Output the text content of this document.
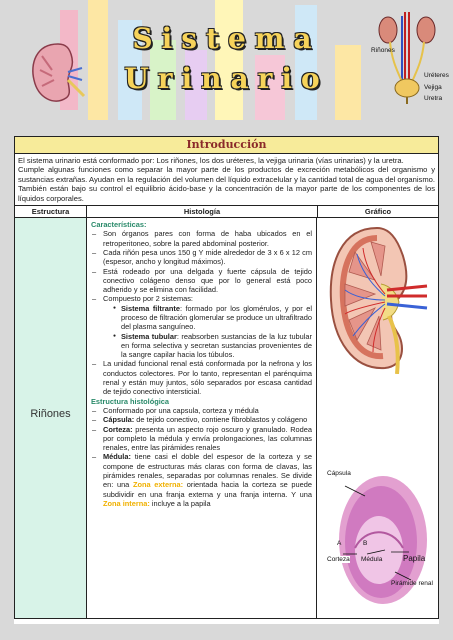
Riñones
Uréteres
Vejiga
Uretra
Sistema
Urinario
Introducción
El sistema urinario está conformado por: Los riñones, los dos uréteres, la vejiga urinaria (vías urinarias) y la uretra.
Cumple algunas funciones como separar la mayor parte de los productos de excreción metabólicos del organismo y sustancias extrañas. Ayudan en la regulación del volumen del líquido extracelular y la cantidad total de agua del organismo. También están bajo su control el equilibrio ácido-base y la concentración de la mayor parte de los componentes de los líquidos corporales.
Estructura	Histología	Gráfico
Riñones
Características:
– Son órganos pares con forma de haba ubicados en el retroperitoneo, sobre la pared abdominal posterior.
– Cada riñón pesa unos 150 g Y mide alrededor de 3 x 6 x 12 cm (espesor, ancho y longitud máximos).
– Está rodeado por una delgada y fuerte cápsula de tejido conectivo colágeno denso que por lo general está poco adherido y se elimina con facilidad.
– Compuesto por 2 sistemas:
● Sistema filtrante: formado por los glomérulos, y por el proceso de filtración glomerular se produce un ultrafiltrado del plasma sanguíneo.
● Sistema tubular: reabsorben sustancias de la luz tubular en forma selectiva y secretan sustancias provenientes de la sangre capilar hacia los túbulos.
– La unidad funcional renal está conformada por la nefrona y los conductos colectores. Por lo tanto, representan el parénquima renal y están muy juntos, sólo separados por escasa cantidad de tejido conectivo intersticial.
Estructura histológica
– Conformado por una capsula, corteza y médula
– Cápsula: de tejido conectivo, contiene fibroblastos y colágeno
– Corteza: presenta un aspecto rojo oscuro y granulado. Rodea por completo la médula y envía prolongaciones, las columnas renales, entre las pirámides renales
– Médula: tiene casi el doble del espesor de la corteza y se compone de estructuras más claras con forma de clavas, las pirámides renales, separadas por columnas renales. Se divide en: una Zona externa: orientada hacia la corteza se puede subdividir en una franja externa y una franja interna. Y una Zona interna: incluye a la papila
Cápsula
A	B
Corteza Médula	Papila
Pirámide renal
